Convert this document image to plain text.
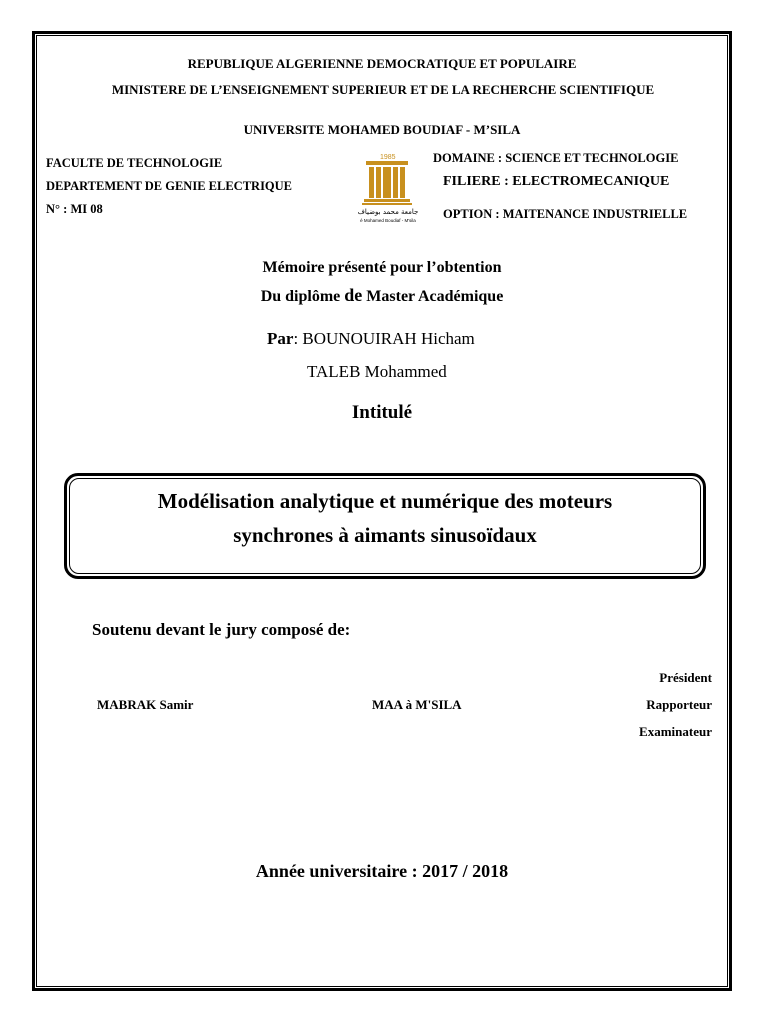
REPUBLIQUE ALGERIENNE DEMOCRATIQUE ET POPULAIRE
MINISTERE DE L’ENSEIGNEMENT SUPERIEUR ET DE LA RECHERCHE SCIENTIFIQUE
UNIVERSITE MOHAMED BOUDIAF - M’SILA
FACULTE DE TECHNOLOGIE
DEPARTEMENT DE GENIE ELECTRIQUE
N° : MI 08
1985
جامعة محمد بوضياف
é Mohamed Boudiaf - M'sila
DOMAINE : SCIENCE ET TECHNOLOGIE
FILIERE : ELECTROMECANIQUE
OPTION : MAITENANCE INDUSTRIELLE
Mémoire présenté pour l’obtention
Du diplôme de Master Académique
Par: BOUNOUIRAH Hicham
TALEB Mohammed
Intitulé
Modélisation analytique et numérique des moteurs
synchrones à aimants sinusoïdaux
Soutenu devant le jury composé de:
Président
MABRAK Samir	MAA à M'SILA	Rapporteur
Examinateur
Année universitaire : 2017 / 2018
